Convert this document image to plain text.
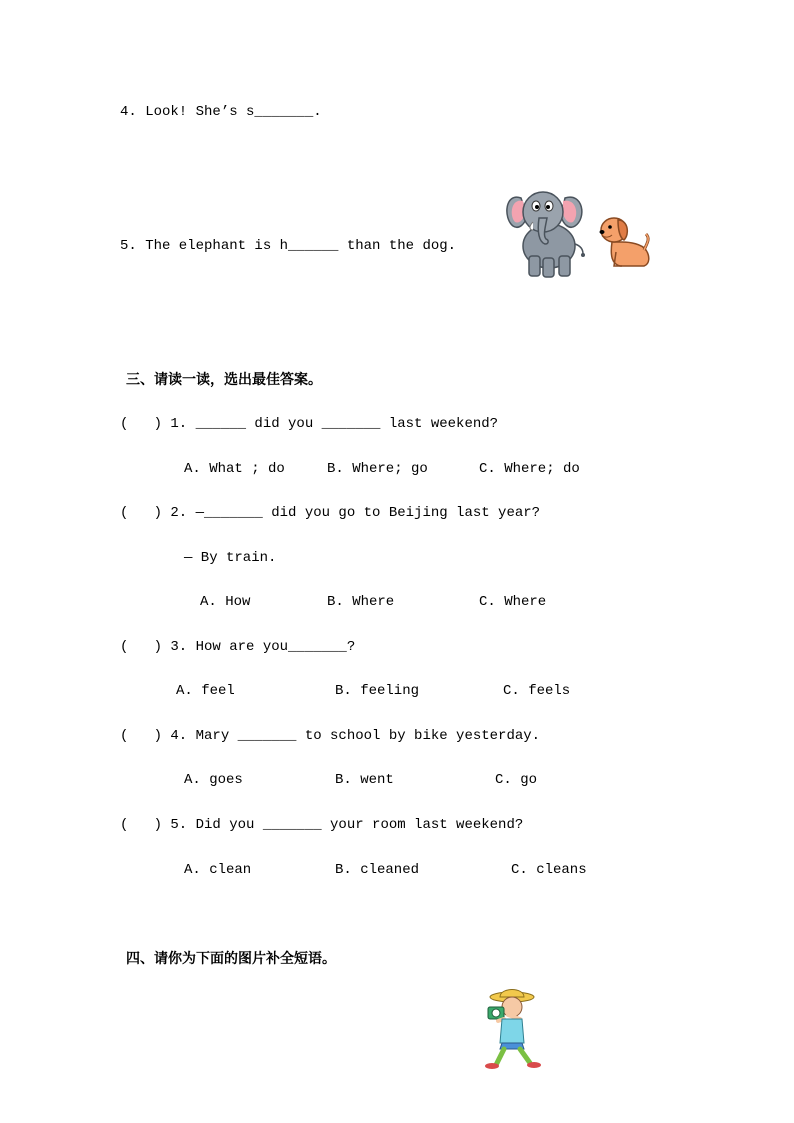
4. Look! She’s s_______.
5. The elephant is h______ than the dog.
三、请读一读，选出最佳答案。
(   ) 1. ______ did you _______ last weekend?
A. What ; do	B. Where; go	C. Where; do
(   ) 2. —_______ did you go to Beijing last year?
— By train.
A. How	B. Where	C. Where
(   ) 3. How are you_______?
A. feel	B. feeling	C. feels
(   ) 4. Mary _______ to school by bike yesterday.
A. goes	B. went	C. go
(   ) 5. Did you _______ your room last weekend?
A. clean	B. cleaned	C. cleans
四、请你为下面的图片补全短语。
